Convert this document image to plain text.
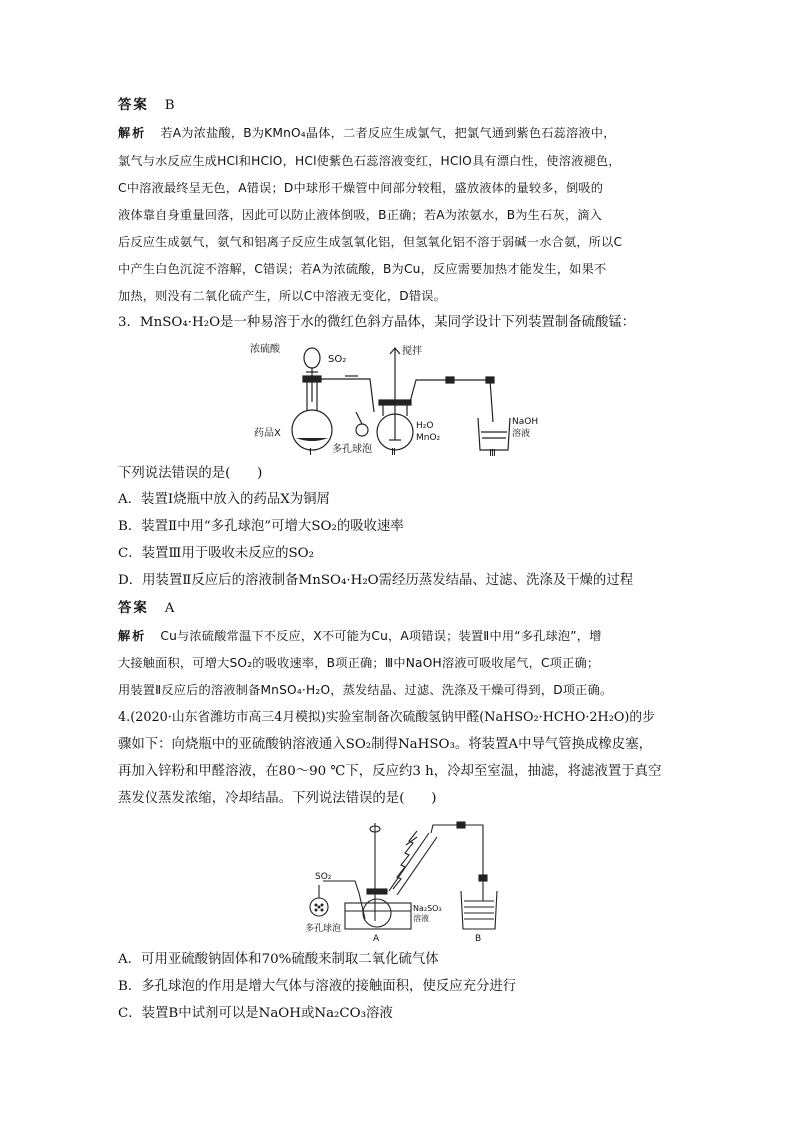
答案 B
解析 若A为浓盐酸，B为KMnO₄晶体，二者反应生成氯气，把氯气通到紫色石蕊溶液中，
氯气与水反应生成HCl和HClO，HCl使紫色石蕊溶液变红，HClO具有漂白性，使溶液褪色，
C中溶液最终呈无色，A错误；D中球形干燥管中间部分较粗，盛放液体的量较多，倒吸的
液体靠自身重量回落，因此可以防止液体倒吸，B正确；若A为浓氨水，B为生石灰，滴入
后反应生成氨气，氨气和铝离子反应生成氢氧化铝，但氢氧化铝不溶于弱碱一水合氨，所以C
中产生白色沉淀不溶解，C错误；若A为浓硫酸，B为Cu，反应需要加热才能发生，如果不
加热，则没有二氧化硫产生，所以C中溶液无变化，D错误。
3．MnSO₄·H₂O是一种易溶于水的微红色斜方晶体，某同学设计下列装置制备硫酸锰：
浓硫酸
SO₂
搅拌
药品X
H₂O
MnO₂
多孔球泡
NaOH
溶液
Ⅰ	Ⅱ	Ⅲ
下列说法错误的是(　　)
A．装置Ⅰ烧瓶中放入的药品X为铜屑
B．装置Ⅱ中用“多孔球泡”可增大SO₂的吸收速率
C．装置Ⅲ用于吸收未反应的SO₂
D．用装置Ⅱ反应后的溶液制备MnSO₄·H₂O需经历蒸发结晶、过滤、洗涤及干燥的过程
答案 A
解析 Cu与浓硫酸常温下不反应，X不可能为Cu，A项错误；装置Ⅱ中用“多孔球泡”，增
大接触面积，可增大SO₂的吸收速率，B项正确；Ⅲ中NaOH溶液可吸收尾气，C项正确；
用装置Ⅱ反应后的溶液制备MnSO₄·H₂O，蒸发结晶、过滤、洗涤及干燥可得到，D项正确。
4.(2020·山东省潍坊市高三4月模拟)实验室制备次硫酸氢钠甲醛(NaHSO₂·HCHO·2H₂O)的步
骤如下：向烧瓶中的亚硫酸钠溶液通入SO₂制得NaHSO₃。将装置A中导气管换成橡皮塞，
再加入锌粉和甲醛溶液，在80～90 ℃下，反应约3 h，冷却至室温，抽滤，将滤液置于真空
蒸发仪蒸发浓缩，冷却结晶。下列说法错误的是(　　)
SO₂
多孔球泡
Na₂SO₃
溶液
A	B
A．可用亚硫酸钠固体和70%硫酸来制取二氧化硫气体
B．多孔球泡的作用是增大气体与溶液的接触面积，使反应充分进行
C．装置B中试剂可以是NaOH或Na₂CO₃溶液
